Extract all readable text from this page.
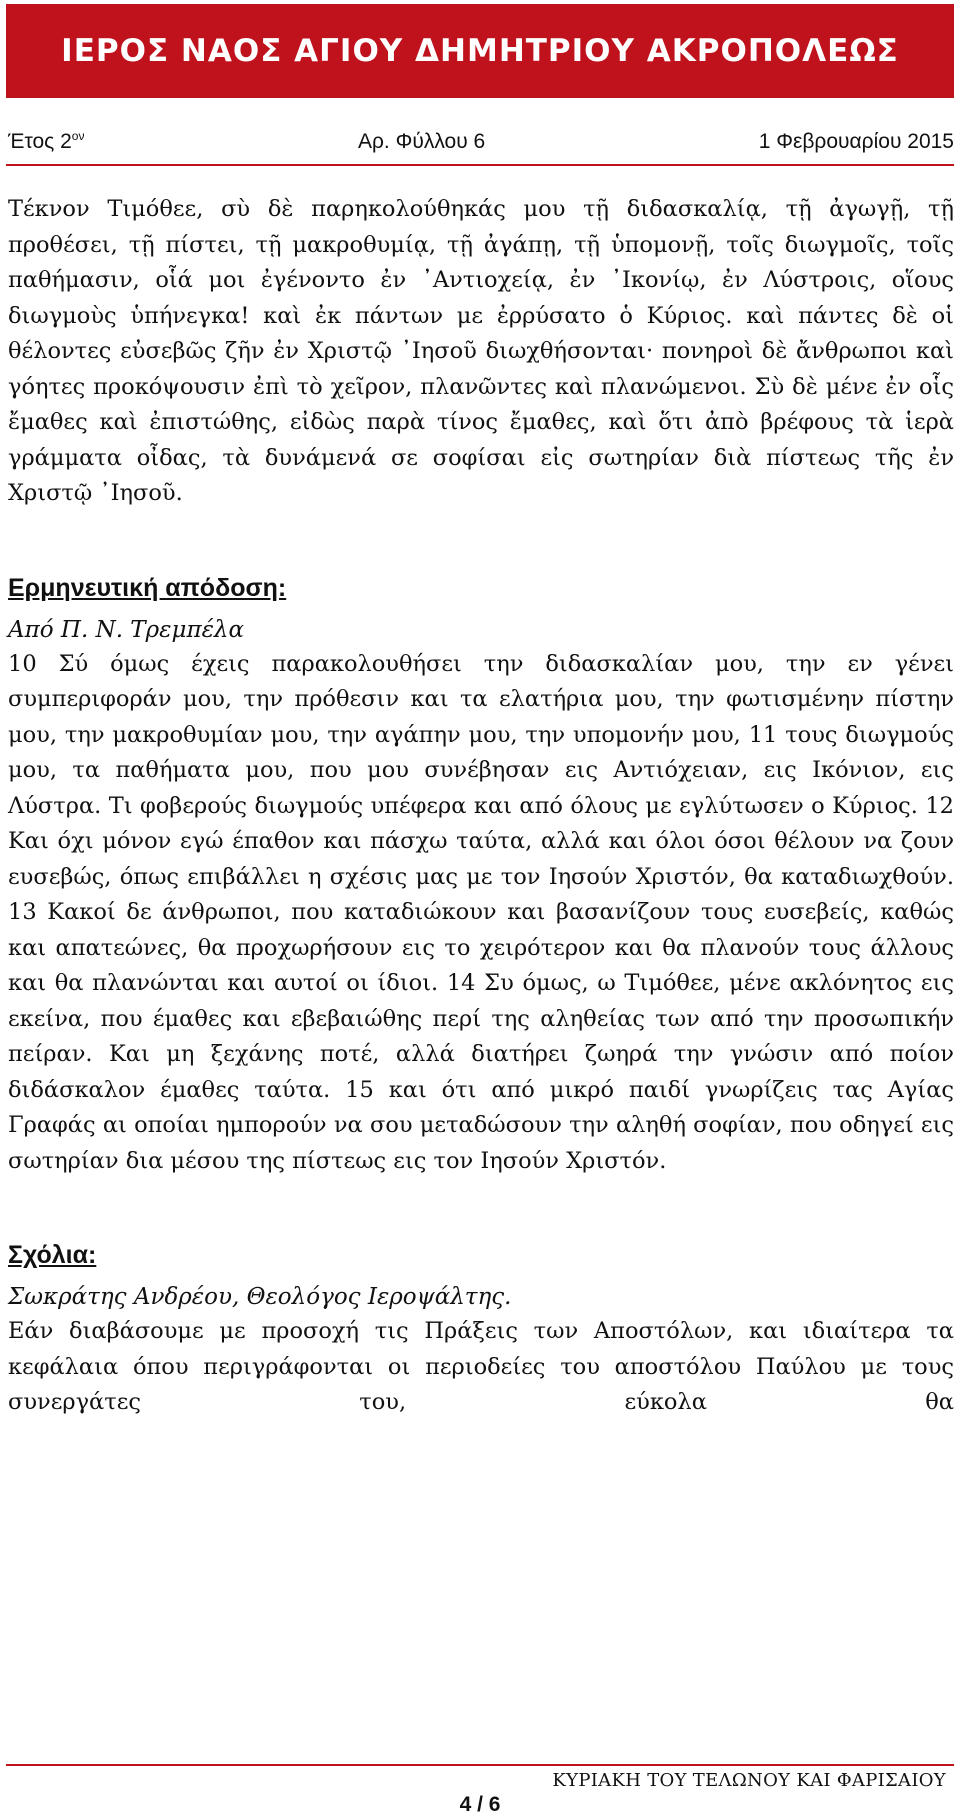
ΙΕΡΟΣ ΝΑΟΣ ΑΓΙΟΥ ΔΗΜΗΤΡΙΟΥ ΑΚΡΟΠΟΛΕΩΣ
Έτος $2^{o\nu}$	Αρ. Φύλλου 6	1 Φεβρουαρίου 2015

Τέκνον Τιμόθεε, σὺ δὲ παρηκολούθηκάς μου τῇ διδασκαλίᾳ, τῇ ἀγωγῇ, τῇ προθέσει, τῇ πίστει, τῇ μακροθυμίᾳ, τῇ ἀγάπῃ, τῇ ὑπομονῇ, τοῖς διωγμοῖς, τοῖς παθήμασιν, οἷά μοι ἐγένοντο ἐν ᾿Αντιοχείᾳ, ἐν ᾿Ικονίῳ, ἐν Λύστροις, οἵους διωγμοὺς ὑπήνεγκα! καὶ ἐκ πάντων με ἐρρύσατο ὁ Κύριος. καὶ πάντες δὲ οἱ θέλοντες εὐσεβῶς ζῆν ἐν Χριστῷ ᾿Ιησοῦ διωχθήσονται· πονηροὶ δὲ ἄνθρωποι καὶ γόητες προκόψουσιν ἐπὶ τὸ χεῖρον, πλανῶντες καὶ πλανώμενοι. Σὺ δὲ μένε ἐν οἷς ἔμαθες καὶ ἐπιστώθης, εἰδὼς παρὰ τίνος ἔμαθες, καὶ ὅτι ἀπὸ βρέφους τὰ ἱερὰ γράμματα οἶδας, τὰ δυνάμενά σε σοφίσαι εἰς σωτηρίαν διὰ πίστεως τῆς ἐν Χριστῷ ᾿Ιησοῦ.

Ερμηνευτική απόδοση:

Από Π. Ν. Τρεμπέλα

10 Σύ όμως έχεις παρακολουθήσει την διδασκαλίαν μου, την εν γένει συμπεριφοράν μου, την πρόθεσιν και τα ελατήρια μου, την φωτισμένην πίστην μου, την μακροθυμίαν μου, την αγάπην μου, την υπομονήν μου, 11 τους διωγμούς μου, τα παθήματα μου, που μου συνέβησαν εις Αντιόχειαν, εις Ικόνιον, εις Λύστρα. Τι φοβερούς διωγμούς υπέφερα και από όλους με εγλύτωσεν ο Κύριος. 12 Και όχι μόνον εγώ έπαθον και πάσχω ταύτα, αλλά και όλοι όσοι θέλουν να ζουν ευσεβώς, όπως επιβάλλει η σχέσις μας με τον Ιησούν Χριστόν, θα καταδιωχθούν. 13 Κακοί δε άνθρωποι, που καταδιώκουν και βασανίζουν τους ευσεβείς, καθώς και απατεώνες, θα προχωρήσουν εις το χειρότερον και θα πλανούν τους άλλους και θα πλανώνται και αυτοί οι ίδιοι. 14 Συ όμως, ω Τιμόθεε, μένε ακλόνητος εις εκείνα, που έμαθες και εβεβαιώθης περί της αληθείας των από την προσωπικήν πείραν. Και μη ξεχάνης ποτέ, αλλά διατήρει ζωηρά την γνώσιν από ποίον διδάσκαλον έμαθες ταύτα. 15 και ότι από μικρό παιδί γνωρίζεις τας Αγίας Γραφάς αι οποίαι ημπορούν να σου μεταδώσουν την αληθή σοφίαν, που οδηγεί εις σωτηρίαν δια μέσου της πίστεως εις τον Ιησούν Χριστόν.

Σχόλια:

Σωκράτης Ανδρέου, Θεολόγος Ιεροψάλτης.

Εάν διαβάσουμε με προσοχή τις Πράξεις των Αποστόλων, και ιδιαίτερα τα κεφάλαια όπου περιγράφονται οι περιοδείες του αποστόλου Παύλου με τους συνεργάτες του, εύκολα θα

ΚΥΡΙΑΚΗ ΤΟΥ ΤΕΛΩΝΟΥ ΚΑΙ ΦΑΡΙΣΑΙΟΥ
4 / 6
